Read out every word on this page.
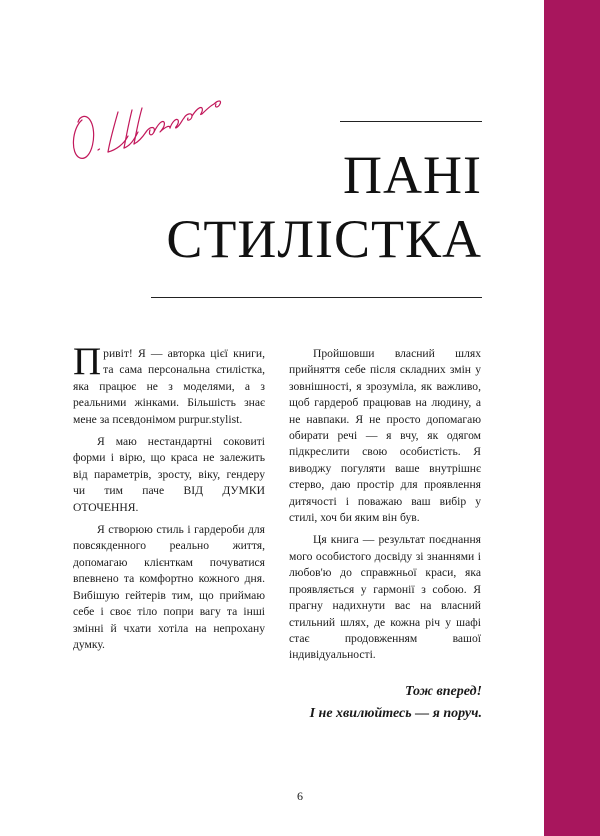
ПАНІ
СТИЛІСТКА

Привіт! Я — авторка цієї книги, та сама персональна стилістка, яка працює не з моделями, а з реальними жінками. Більшість знає мене за псевдонімом purpur.stylist.

Я маю нестандартні соковиті форми і вірю, що краса не залежить від параметрів, зросту, віку, гендеру чи тим паче ВІД ДУМКИ ОТОЧЕННЯ.

Я створюю стиль і гардероби для повсякденного реально життя, допомагаю клієнткам почуватися впевнено та комфортно кожного дня. Вибішую гейтерів тим, що приймаю себе і своє тіло попри вагу та інші змінні й чхати хотіла на непрохану думку.

Пройшовши власний шлях прийняття себе після складних змін у зовнішності, я зрозуміла, як важливо, щоб гардероб працював на людину, а не навпаки. Я не просто допомагаю обирати речі — я вчу, як одягом підкреслити свою особистість. Я виводжу погуляти ваше внутрішнє стерво, даю простір для проявлення дитячості і поважаю ваш вибір у стилі, хоч би яким він був.

Ця книга — результат поєднання мого особистого досвіду зі знаннями і любов'ю до справжньої краси, яка проявляється у гармонії з собою. Я прагну надихнути вас на власний стильний шлях, де кожна річ у шафі стає продовженням вашої індивідуальності.

Тож вперед!
І не хвилюйтесь — я поруч.

6
